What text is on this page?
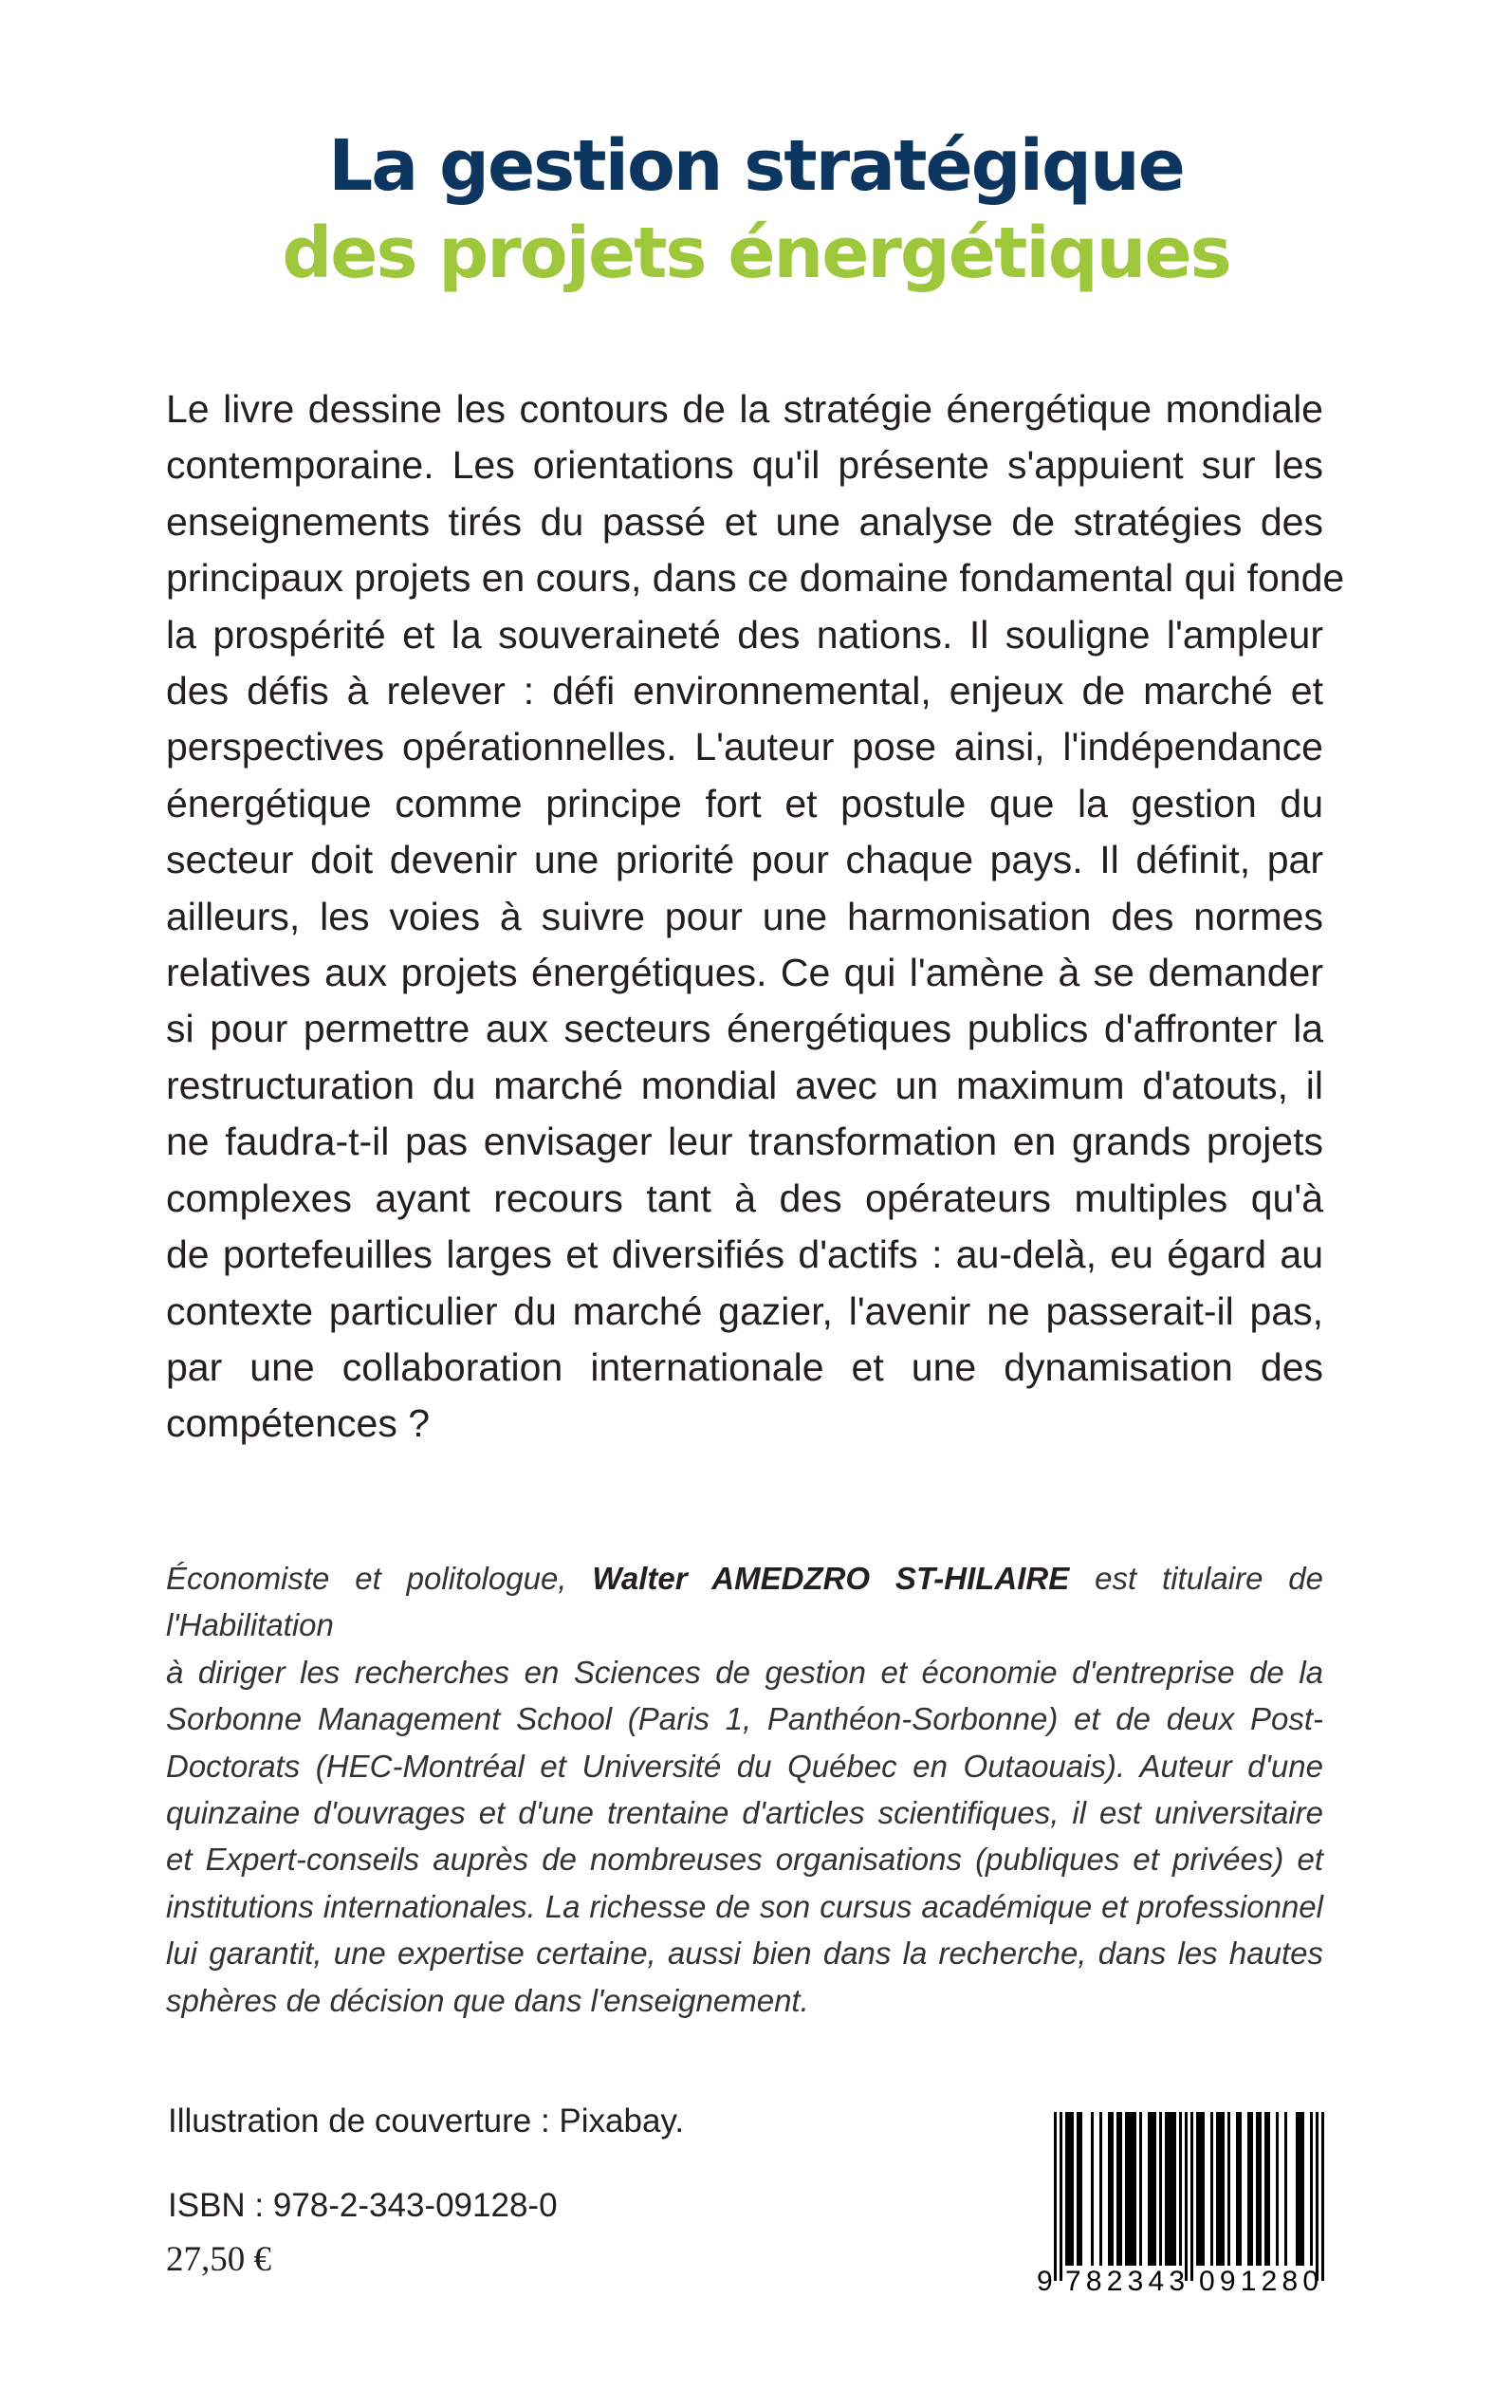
La gestion stratégique
des projets énergétiques
Le livre dessine les contours de la stratégie énergétique mondiale
contemporaine. Les orientations qu'il présente s'appuient sur les
enseignements tirés du passé et une analyse de stratégies des
principaux projets en cours, dans ce domaine fondamental qui fonde
la prospérité et la souveraineté des nations. Il souligne l'ampleur
des défis à relever : défi environnemental, enjeux de marché et
perspectives opérationnelles. L'auteur pose ainsi, l'indépendance
énergétique comme principe fort et postule que la gestion du
secteur doit devenir une priorité pour chaque pays. Il définit, par
ailleurs, les voies à suivre pour une harmonisation des normes
relatives aux projets énergétiques. Ce qui l'amène à se demander
si pour permettre aux secteurs énergétiques publics d'affronter la
restructuration du marché mondial avec un maximum d'atouts, il
ne faudra-t-il pas envisager leur transformation en grands projets
complexes ayant recours tant à des opérateurs multiples qu'à
de portefeuilles larges et diversifiés d'actifs : au-delà, eu égard au
contexte particulier du marché gazier, l'avenir ne passerait-il pas,
par une collaboration internationale et une dynamisation des
compétences ?
Économiste et politologue, Walter AMEDZRO ST-HILAIRE est titulaire de l'Habilitation
à diriger les recherches en Sciences de gestion et économie d'entreprise de la
Sorbonne Management School (Paris 1, Panthéon-Sorbonne) et de deux Post-
Doctorats (HEC-Montréal et Université du Québec en Outaouais). Auteur d'une
quinzaine d'ouvrages et d'une trentaine d'articles scientifiques, il est universitaire
et Expert-conseils auprès de nombreuses organisations (publiques et privées) et
institutions internationales. La richesse de son cursus académique et professionnel
lui garantit, une expertise certaine, aussi bien dans la recherche, dans les hautes
sphères de décision que dans l'enseignement.
Illustration de couverture : Pixabay.
ISBN : 978-2-343-09128-0
27,50 €
9 782343 091280
